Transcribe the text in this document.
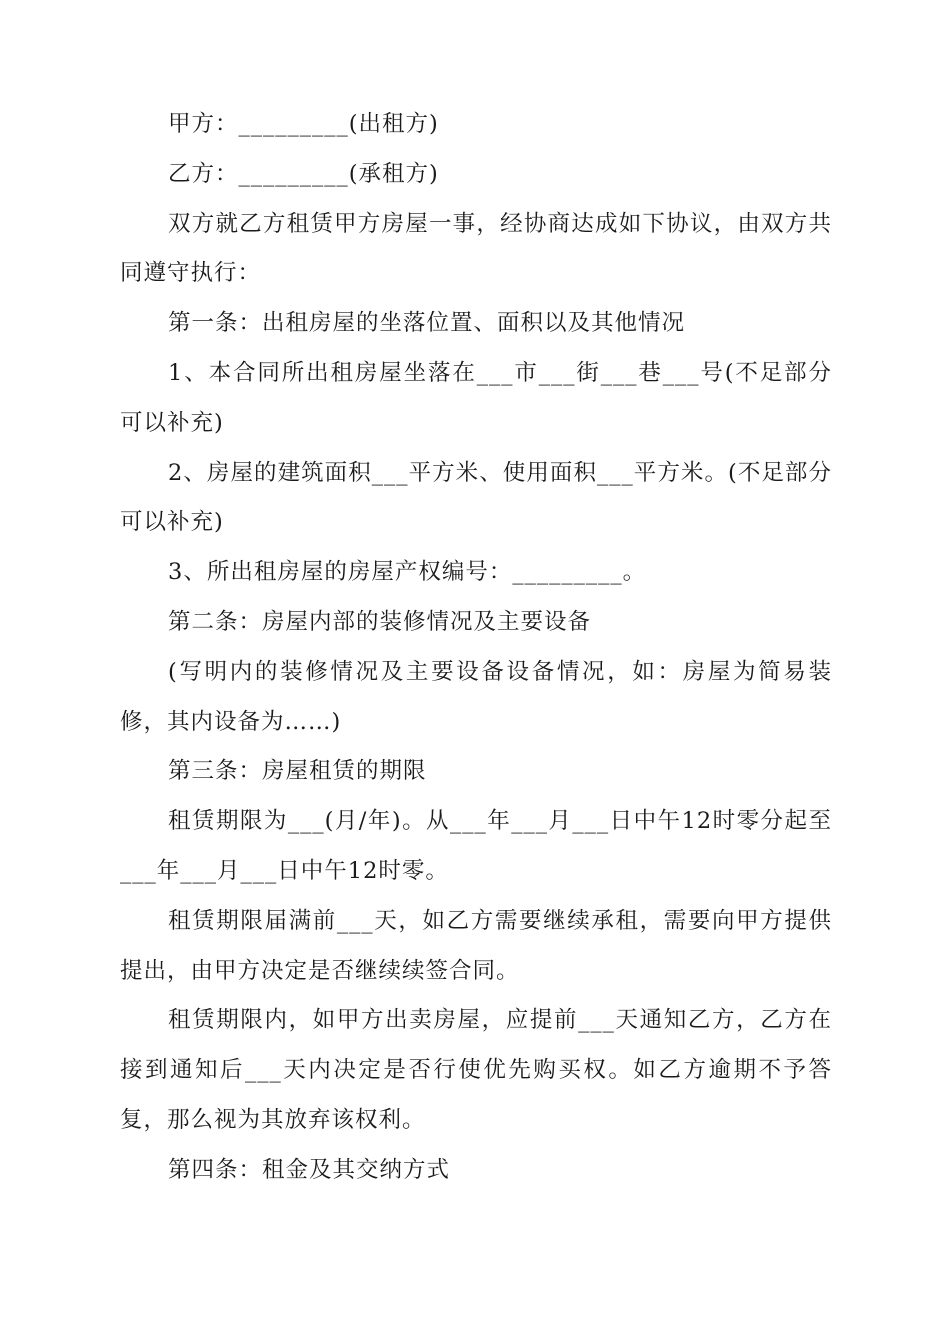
甲方：_________(出租方)

乙方：_________(承租方)

双方就乙方租赁甲方房屋一事，经协商达成如下协议，由双方共同遵守执行：

第一条：出租房屋的坐落位置、面积以及其他情况

1、本合同所出租房屋坐落在___市___街___巷___号(不足部分可以补充)

2、房屋的建筑面积___平方米、使用面积___平方米。(不足部分可以补充)

3、所出租房屋的房屋产权编号：_________。

第二条：房屋内部的装修情况及主要设备

(写明内的装修情况及主要设备设备情况，如：房屋为简易装修，其内设备为……)

第三条：房屋租赁的期限

租赁期限为___(月/年)。从___年___月___日中午12时零分起至___年___月___日中午12时零。

租赁期限届满前___天，如乙方需要继续承租，需要向甲方提供提出，由甲方决定是否继续续签合同。

租赁期限内，如甲方出卖房屋，应提前___天通知乙方，乙方在接到通知后___天内决定是否行使优先购买权。如乙方逾期不予答复，那么视为其放弃该权利。

第四条：租金及其交纳方式
